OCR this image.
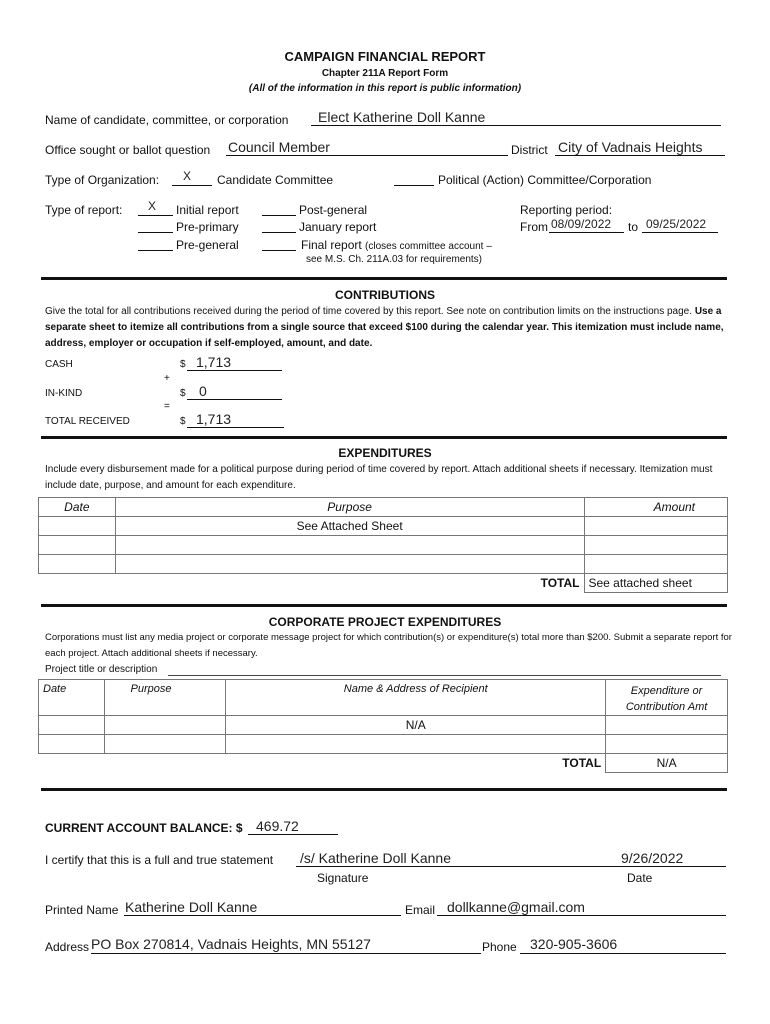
CAMPAIGN FINANCIAL REPORT
Chapter 211A Report Form
(All of the information in this report is public information)
Name of candidate, committee, or corporation Elect Katherine Doll Kanne
Office sought or ballot question Council Member	District City of Vadnais Heights
Type of Organization: X Candidate Committee	Political (Action) Committee/Corporation
Type of report: X Initial report
Pre-primary
Pre-general
Post-general
January report
Final report (closes committee account –
see M.S. Ch. 211A.03 for requirements)
Reporting period:
From 08/09/2022 to 09/25/2022
CONTRIBUTIONS
Give the total for all contributions received during the period of time covered by this report. See note on contribution limits on the instructions page. Use a separate sheet to itemize all contributions from a single source that exceed $100 during the calendar year. This itemization must include name, address, employer or occupation if self-employed, amount, and date.
CASH	$ 1,713
+
IN-KIND	$ 0
=
TOTAL RECEIVED	$ 1,713
EXPENDITURES
Include every disbursement made for a political purpose during period of time covered by report. Attach additional sheets if necessary. Itemization must include date, purpose, and amount for each expenditure.
Date	Purpose	Amount
	See Attached Sheet	

	TOTAL	See attached sheet
CORPORATE PROJECT EXPENDITURES
Corporations must list any media project or corporate message project for which contribution(s) or expenditure(s) total more than $200. Submit a separate report for each project. Attach additional sheets if necessary.
Project title or description
Date	Purpose	Name & Address of Recipient	Expenditure or
Contribution Amt
		N/A	

		TOTAL	N/A
CURRENT ACCOUNT BALANCE: $ 469.72
I certify that this is a full and true statement /s/ Katherine Doll Kanne	9/26/2022
Signature	Date
Printed Name Katherine Doll Kanne	Email dollkanne@gmail.com
Address PO Box 270814, Vadnais Heights, MN 55127	Phone 320-905-3606
